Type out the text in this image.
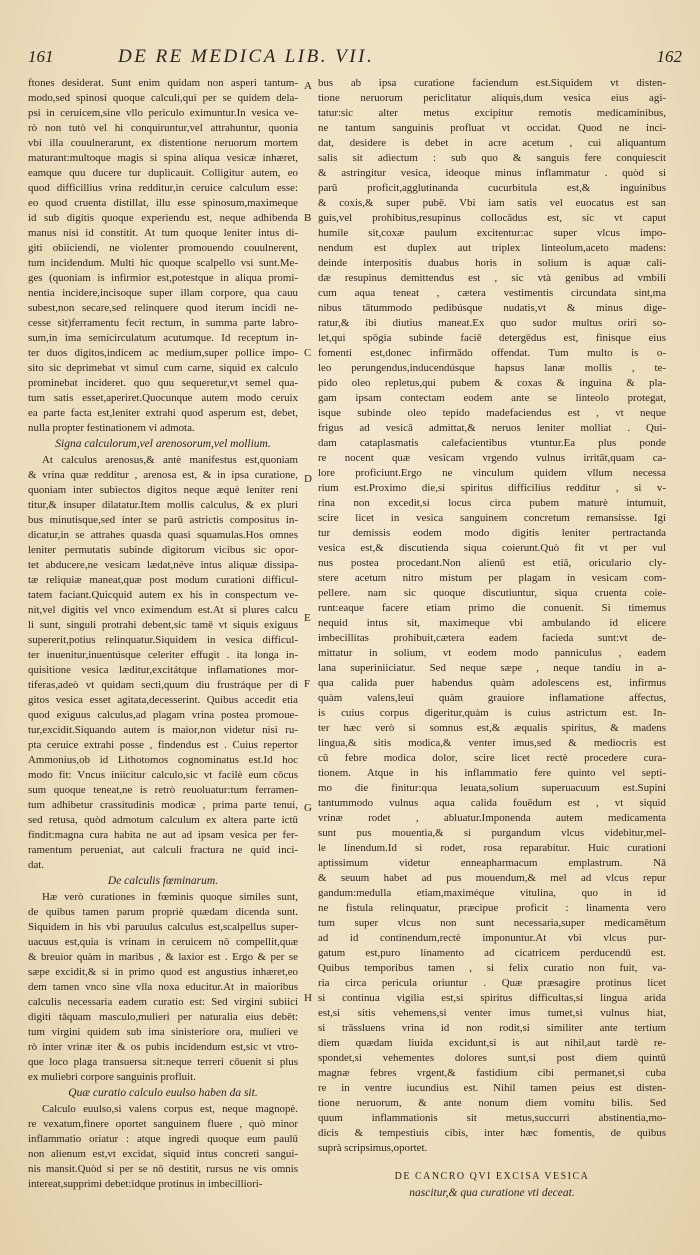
161	DE RE MEDICA LIB. VII.	162
ftones desiderat. Sunt enim quidam non asperi tantum-
modo,sed spinosi quoque calculi,qui per se quidem dela-
psi in ceruicem,sine vllo periculo eximuntur.In vesica ve-
rò non tutò vel hi conquiruntur,vel attrahuntur, quonia
vbi illa couulnerarunt, ex distentione neruorum mortem
maturant:multoque magis si spina aliqua vesicæ inhæret,
eamque quu ducere tur duplicauit. Colligitur autem, eo
quod difficillius vrina redditur,in ceruice calculum esse:
eo quod cruenta distillat, illu esse spinosum,maximeque
id sub digitis quoque experiendu est, neque adhibenda
manus nisi id constitit. At tum quoque leniter intus di-
giti obiiciendi, ne violenter promouendo couulnerent,
tum incidendum. Multi hic quoque scalpello vsi sunt.Me-
ges (quoniam is infirmior est,potestque in aliqua promi-
nentia incidere,incisoque super illam corpore, qua cauu
subest,non secare,sed relinquere quod iterum incidi ne-
cesse sit)ferramentu fecit rectum, in summa parte labro-
sum,in ima semicirculatum acutumque. Id receptum in-
ter duos digitos,indicem ac medium,super pollice impo-
sito sic deprimebat vt simul cum carne, siquid ex calculo
prominebat incideret. quo quu sequeretur,vt semel qua-
tum satis esset,aperiret.Quocunque autem modo ceruix
ea parte facta est,leniter extrahi quod asperum est, debet,
nulla propter festinationem vi admota.
Signa calculorum,vel arenosorum,vel mollium.
At calculus arenosus,& antè manifestus est,quoniam
& vrina quæ redditur , arenosa est, & in ipsa curatione,
quoniam inter subiectos digitos neque æquè leniter reni
titur,& insuper dilatatur.Item mollis calculus, & ex pluri
bus minutisque,sed inter se parū astrictis compositus in-
dicatur,in se attrahes quasda quasi squamulas.Hos omnes
leniter permutatis subinde digitorum vicibus sic opor-
tet abducere,ne vesicam lædat,néve intus aliquæ dissipa-
tæ reliquiæ maneat,quæ post modum curationi difficul-
tatem faciant.Quicquid autem ex his in conspectum ve-
nit,vel digitis vel vnco eximendum est.At si plures calcu
li sunt, singuli protrahi debent,sic tamē vt siquis exiguus
supererit,potius relinquatur.Siquidem in vesica difficul-
ter inuenitur,inuentúsque celeriter effugit . ita longa in-
quisitione vesica læditur,excitátque inflamationes mor-
tiferas,adeò vt quidam secti,quum diu frustráque per di
gitos vesica esset agitata,decesserint. Quibus accedit etia
quod exiguus calculus,ad plagam vrina postea promoue-
tur,excidit.Siquando autem is maior,non videtur nisi ru-
pta ceruice extrahi posse , findendus est . Cuius repertor
Ammonius,ob id Lithotomos cognominatus est.Id hoc
modo fit: Vncus iniicitur calculo,sic vt facilè eum cōcus
sum quoque teneat,ne is retrò reuoluatur:tum ferramen-
tum adhibetur crassitudinis modicæ , prima parte tenui,
sed retusa, quòd admotum calculum ex altera parte ictū
findit:magna cura habita ne aut ad ipsam vesica per fer-
ramentum perueniat, aut calculi fractura ne quid inci-
dat.
De calculis fœminarum.
Hæ verò curationes in fœminis quoque similes sunt,
de quibus tamen parum propriè quædam dicenda sunt.
Siquidem in his vbi paruulus calculus est,scalpellus super-
uacuus est,quia is vrinam in ceruicem nō compellit,quæ
& breuior quàm in maribus , & laxior est . Ergo & per se
sæpe excidit,& si in primo quod est angustius inhæret,eo
dem tamen vnco sine vlla noxa educitur.At in maioribus
calculis necessaria eadem curatio est: Sed virgini subiici
digiti tāquam masculo,mulieri per naturalia eius debēt:
tum virgini quidem sub ima sinisteriore ora, mulieri ve
rò inter vrinæ iter & os pubis incidendum est,sic vt vtro-
que loco plaga transuersa sit:neque terreri cōuenit si plus
ex muliebri corpore sanguinis profluit.
Quæ curatio calculo euulso haben da sit.
Calculo euulso,si valens corpus est, neque magnopè.
re vexatum,finere oportet sanguinem fluere , quò minor
inflammatio oriatur : atque ingredi quoque eum paulū
non alienum est,vt excidat, siquid intus concreti sangui-
nis mansit.Quòd si per se nō destitit, rursus ne vis omnis
intereat,supprimi debet:idque protinus in imbecilliori-
bus ab ipsa curatione faciendum est.Siquidem vt disten-
tione neruorum periclitatur aliquis,dum vesica eius agi-
tatur:sic alter metus excipitur remotis medicaminibus,
ne tantum sanguinis profluat vt occidat. Quod ne inci-
dat, desidere is debet in acre acetum , cui aliquantum
salis sit adiectum : sub quo & sanguis fere conquiescit
& astringitur vesica, ideoque minus inflammatur . quòd si
parū proficit,agglutinanda cucurbitula est,& inguinibus
& coxis,& super pubē. Vbi iam satis vel euocatus est san
guis,vel prohibitus,resupinus collocādus est, sic vt caput
humile sit,coxæ paulum excitentur:ac super vlcus impo-
nendum est duplex aut triplex linteolum,aceto madens:
deinde interpositis duabus horis in solium is aquæ cali-
dæ resupinus demittendus est , sic vtà genibus ad vmbili
cum aqua teneat , cætera vestimentis circundata sint,ma
nibus tātummodo pedibúsque nudatis,vt & minus dige-
ratur,& ibi diutius maneat.Ex quo sudor multus oriri so-
let,qui spōgia subinde faciē detergēdus est, finisque eius
fomenti est,donec infirmādo offendat. Tum multo is o-
leo perungendus,inducendúsque hapsus lanæ mollis , te-
pido oleo repletus,qui pubem & coxas & inguina & pla-
gam ipsam contectam eodem ante se linteolo protegat,
isque subinde oleo tepido madefaciendus est , vt neque
frigus ad vesicā admittat,& neruos leniter molliat . Qui-
dam cataplasmatis calefacientibus vtuntur.Ea plus ponde
re nocent quæ vesicam vrgendo vulnus irritāt,quam ca-
lore proficiunt.Ergo ne vinculum quidem vllum necessa
rium est.Proximo die,si spiritus difficilius redditur , si v-
rina non excedit,si locus circa pubem maturè intumuit,
scire licet in vesica sanguinem concretum remansisse. Igi
tur demissis eodem modo digitis leniter pertractanda
vesica est,& discutienda siqua coierunt.Quò fit vt per vul
nus postea procedant.Non alienū est etiā, oriculario cly-
stere acetum nitro mistum per plagam in vesicam com-
pellere. nam sic quoque discutiuntur, siqua cruenta coie-
runt:eaque facere etiam primo die conuenit. Si timemus
nequid intus sit, maximeque vbi ambulando id elicere
imbecillitas prohibuit,cætera eadem facieda sunt:vt de-
mittatur in solium, vt eodem modo panniculus , eadem
lana superiniiciatur. Sed neque sæpe , neque tandiu in a-
qua calida puer habendus quàm adolescens est, infirmus
quàm valens,leui quàm grauiore inflamatione affectus,
is cuius corpus digeritur,quàm is cuius astrictum est. In-
ter hæc verò si somnus est,& æqualis spiritus, & madens
lingua,& sitis modica,& venter imus,sed & mediocris est
cū febre modica dolor, scire licet rectè procedere cura-
tionem. Atque in his inflammatio fere quinto vel septi-
mo die finitur:qua leuata,solium superuacuum est.Supini
tantummodo vulnus aqua calida fouēdum est , vt siquid
vrinæ rodet , abluatur.Imponenda autem medicamenta
sunt pus mouentia,& si purgandum vlcus videbitur,mel-
le linendum.Id si rodet, rosa reparabitur. Huic curationi
aptissimum videtur enneapharmacum emplastrum. Nā
& seuum habet ad pus mouendum,& mel ad vlcus repur
gandum:medulla etiam,maximéque vitulina, quo in id
ne fistula relinquatur, præcipue proficit : linamenta vero
tum super vlcus non sunt necessaria,super medicamētum
ad id continendum,rectè imponuntur.At vbi vlcus pur-
gatum est,puro linamento ad cicatricem perducendū est.
Quibus temporibus tamen , si felix curatio non fuit, va-
ria circa pericula oriuntur . Quæ præsagire protinus licet
si continua vigilia est,si spiritus difficultas,si lingua arida
est,si sitis vehemens,si venter imus tumet,si vulnus hiat,
si trāssluens vrina id non rodit,si similiter ante tertium
diem quædam liuida excidunt,si is aut nihil,aut tardè re-
spondet,si vehementes dolores sunt,si post diem quintū
magnæ febres vrgent,& fastidium cibi permanet,si cuba
re in ventre iucundius est. Nihil tamen peius est disten-
tione neruorum, & ante nonum diem vomitu bilis. Sed
quum inflammationis sit metus,succurri abstinentia,mo-
dicis & tempestiuis cibis, inter hæc fomentis, de quibus
suprà scripsimus,oportet.
DE CANCRO QVI EXCISA VESICA
nascitur,& qua curatione vti deceat.
A
B
C
D
E
F
G
H
